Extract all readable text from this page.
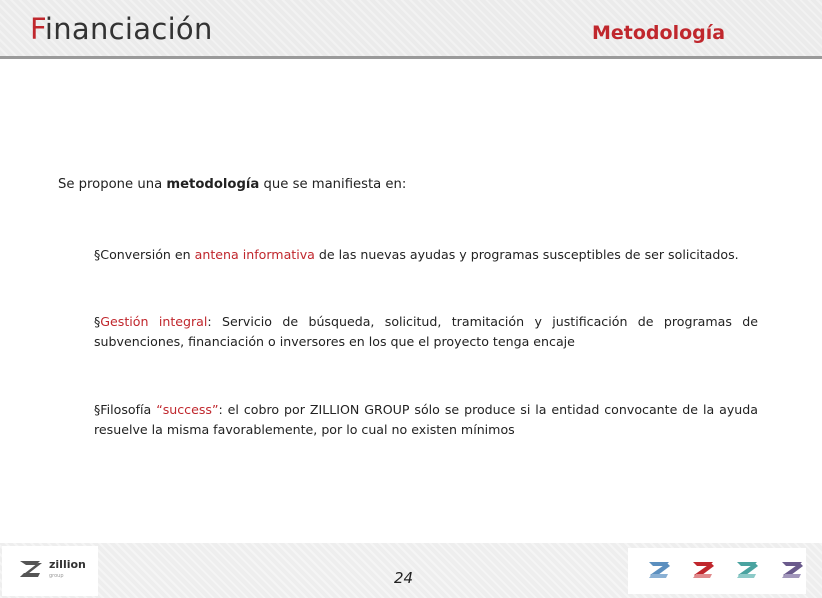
Financiación	Metodología
Se propone una metodología que se manifiesta en:
§Conversión en antena informativa de las nuevas ayudas y programas susceptibles de ser solicitados.
§Gestión integral: Servicio de búsqueda, solicitud, tramitación y justificación de programas de subvenciones, financiación o inversores en los que el proyecto tenga encaje
§Filosofía “success”: el cobro por ZILLION GROUP sólo se produce si la entidad convocante de la ayuda resuelve la misma favorablemente, por lo cual no existen mínimos
zillion
group	24
